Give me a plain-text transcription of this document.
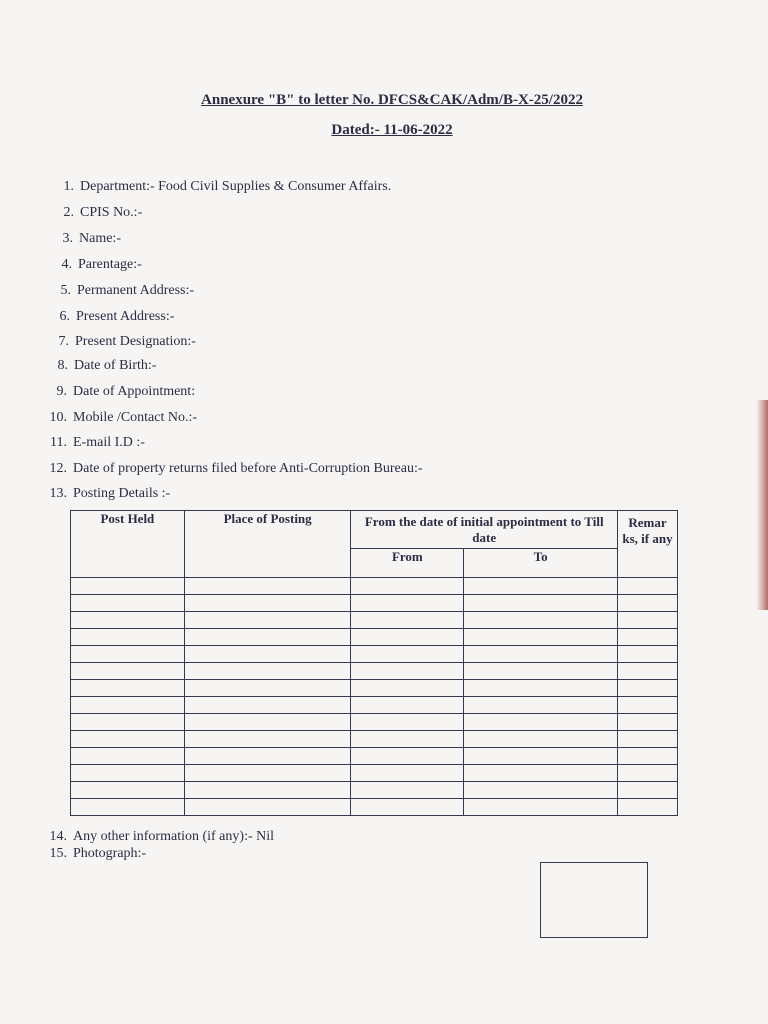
Annexure "B" to letter No. DFCS&CAK/Adm/B-X-25/2022
Dated:- 11-06-2022
1. Department:- Food Civil Supplies & Consumer Affairs.
2. CPIS No.:-
3. Name:-
4. Parentage:-
5. Permanent Address:-
6. Present Address:-
7. Present Designation:-
8. Date of Birth:-
9. Date of Appointment:
10. Mobile /Contact No.:-
11. E-mail I.D :-
12. Date of property returns filed before Anti-Corruption Bureau:-
13. Posting Details :-
Post Held	Place of Posting	From the date of initial appointment to Till date		Remar ks, if any
		From	To	

14. Any other information (if any):- Nil
15. Photograph:-
